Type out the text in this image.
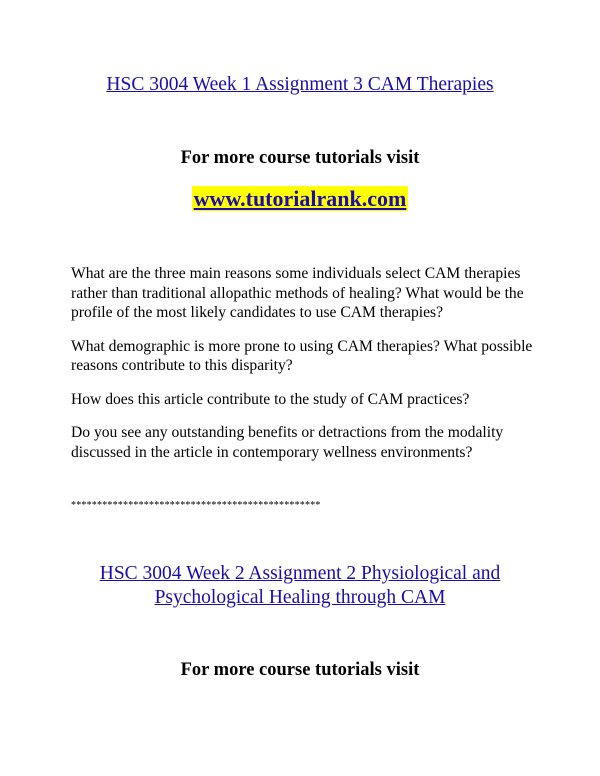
HSC 3004 Week 1 Assignment 3 CAM Therapies
For more course tutorials visit
www.tutorialrank.com

What are the three main reasons some individuals select CAM therapies rather than traditional allopathic methods of healing? What would be the profile of the most likely candidates to use CAM therapies?

What demographic is more prone to using CAM therapies? What possible reasons contribute to this disparity?

How does this article contribute to the study of CAM practices?

Do you see any outstanding benefits or detractions from the modality discussed in the article in contemporary wellness environments?

************************************************
HSC 3004 Week 2 Assignment 2 Physiological and
Psychological Healing through CAM
For more course tutorials visit
